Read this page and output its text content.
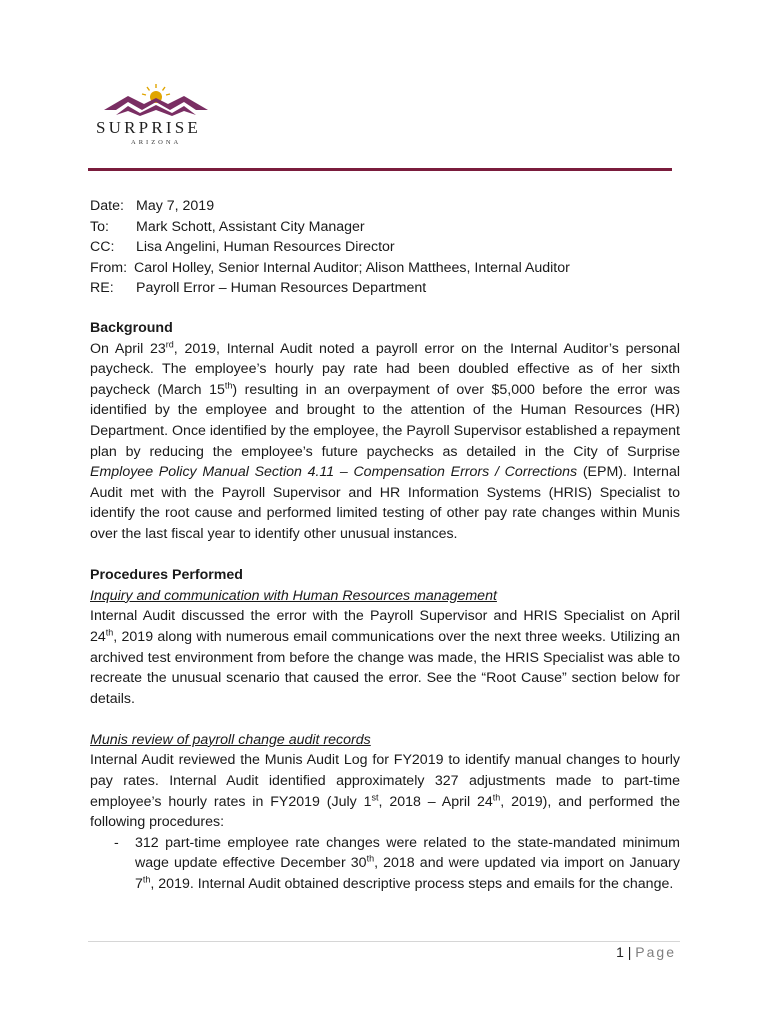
SURPRISE
ARIZONA
Date: May 7, 2019
To:	Mark Schott, Assistant City Manager
CC:	Lisa Angelini, Human Resources Director
From: Carol Holley, Senior Internal Auditor; Alison Matthees, Internal Auditor
RE:	Payroll Error – Human Resources Department
Background

On April 23rd, 2019, Internal Audit noted a payroll error on the Internal Auditor’s personal paycheck. The employee’s hourly pay rate had been doubled effective as of her sixth paycheck (March 15th) resulting in an overpayment of over $5,000 before the error was identified by the employee and brought to the attention of the Human Resources (HR) Department. Once identified by the employee, the Payroll Supervisor established a repayment plan by reducing the employee’s future paychecks as detailed in the City of Surprise Employee Policy Manual Section 4.11 – Compensation Errors / Corrections (EPM). Internal Audit met with the Payroll Supervisor and HR Information Systems (HRIS) Specialist to identify the root cause and performed limited testing of other pay rate changes within Munis over the last fiscal year to identify other unusual instances.

Procedures Performed

Inquiry and communication with Human Resources management

Internal Audit discussed the error with the Payroll Supervisor and HRIS Specialist on April 24th, 2019 along with numerous email communications over the next three weeks. Utilizing an archived test environment from before the change was made, the HRIS Specialist was able to recreate the unusual scenario that caused the error. See the “Root Cause” section below for details.

Munis review of payroll change audit records

Internal Audit reviewed the Munis Audit Log for FY2019 to identify manual changes to hourly pay rates. Internal Audit identified approximately 327 adjustments made to part-time employee’s hourly rates in FY2019 (July 1st, 2018 – April 24th, 2019), and performed the following procedures:

-	312 part-time employee rate changes were related to the state-mandated minimum wage update effective December 30th, 2018 and were updated via import on January 7th, 2019. Internal Audit obtained descriptive process steps and emails for the change.
1 | Page
